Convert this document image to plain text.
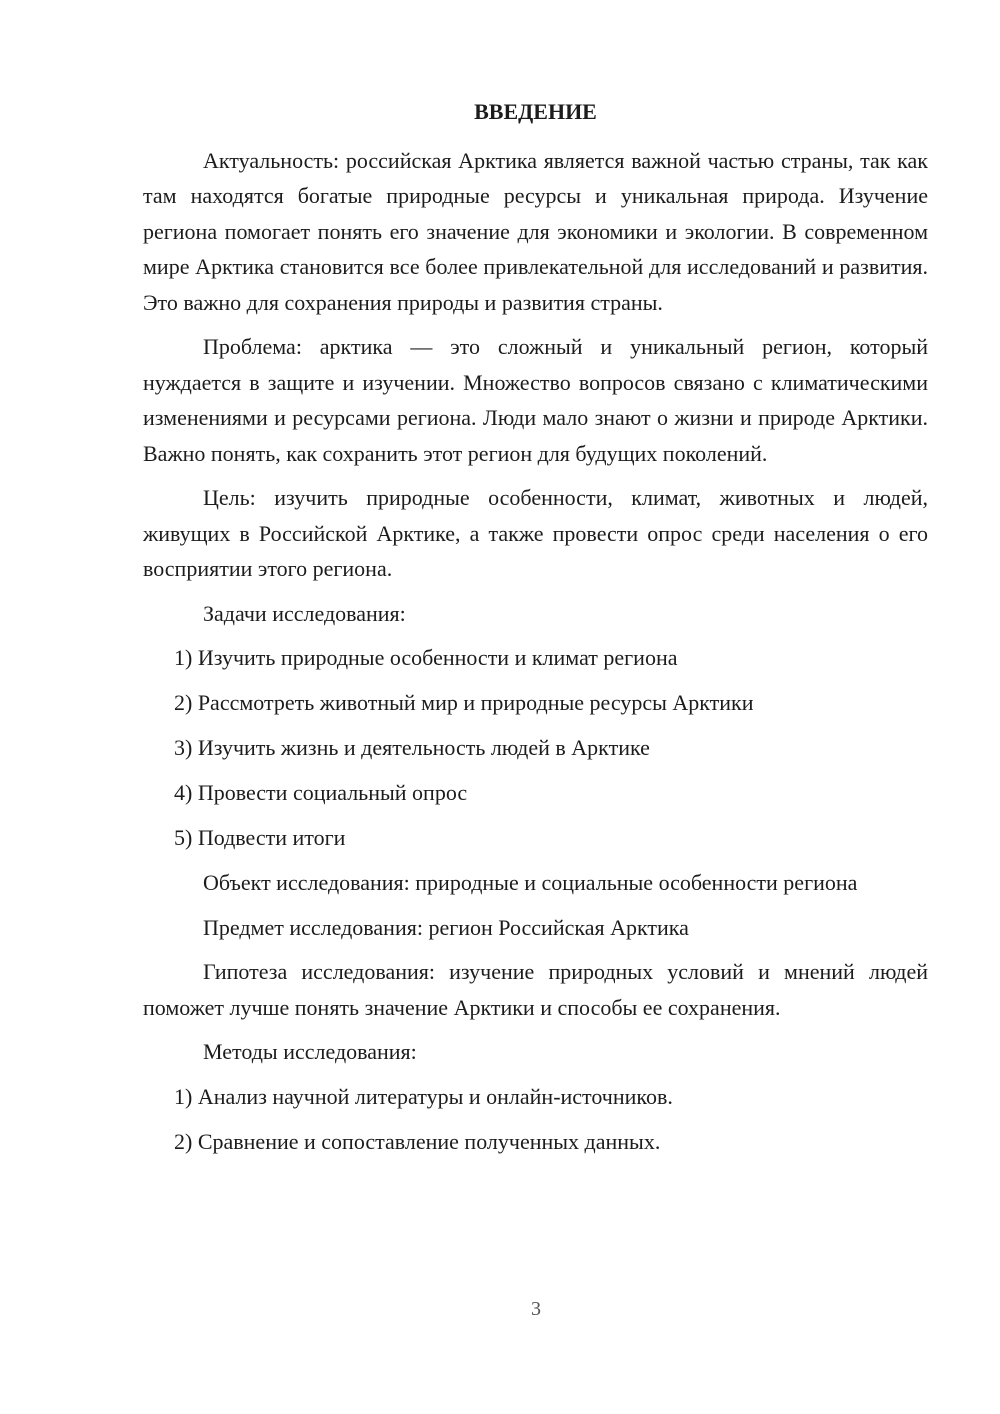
ВВЕДЕНИЕ

Актуальность: российская Арктика является важной частью страны, так как там находятся богатые природные ресурсы и уникальная природа. Изучение региона помогает понять его значение для экономики и экологии. В современном мире Арктика становится все более привлекательной для исследований и развития. Это важно для сохранения природы и развития страны.

Проблема: арктика — это сложный и уникальный регион, который нуждается в защите и изучении. Множество вопросов связано с климатическими изменениями и ресурсами региона. Люди мало знают о жизни и природе Арктики. Важно понять, как сохранить этот регион для будущих поколений.

Цель: изучить природные особенности, климат, животных и людей, живущих в Российской Арктике, а также провести опрос среди населения о его восприятии этого региона.

Задачи исследования:

1) Изучить природные особенности и климат региона

2) Рассмотреть животный мир и природные ресурсы Арктики

3) Изучить жизнь и деятельность людей в Арктике

4) Провести социальный опрос

5) Подвести итоги

Объект исследования: природные и социальные особенности региона

Предмет исследования: регион Российская Арктика

Гипотеза исследования: изучение природных условий и мнений людей поможет лучше понять значение Арктики и способы ее сохранения.

Методы исследования:

1) Анализ научной литературы и онлайн-источников.

2) Сравнение и сопоставление полученных данных.

3
